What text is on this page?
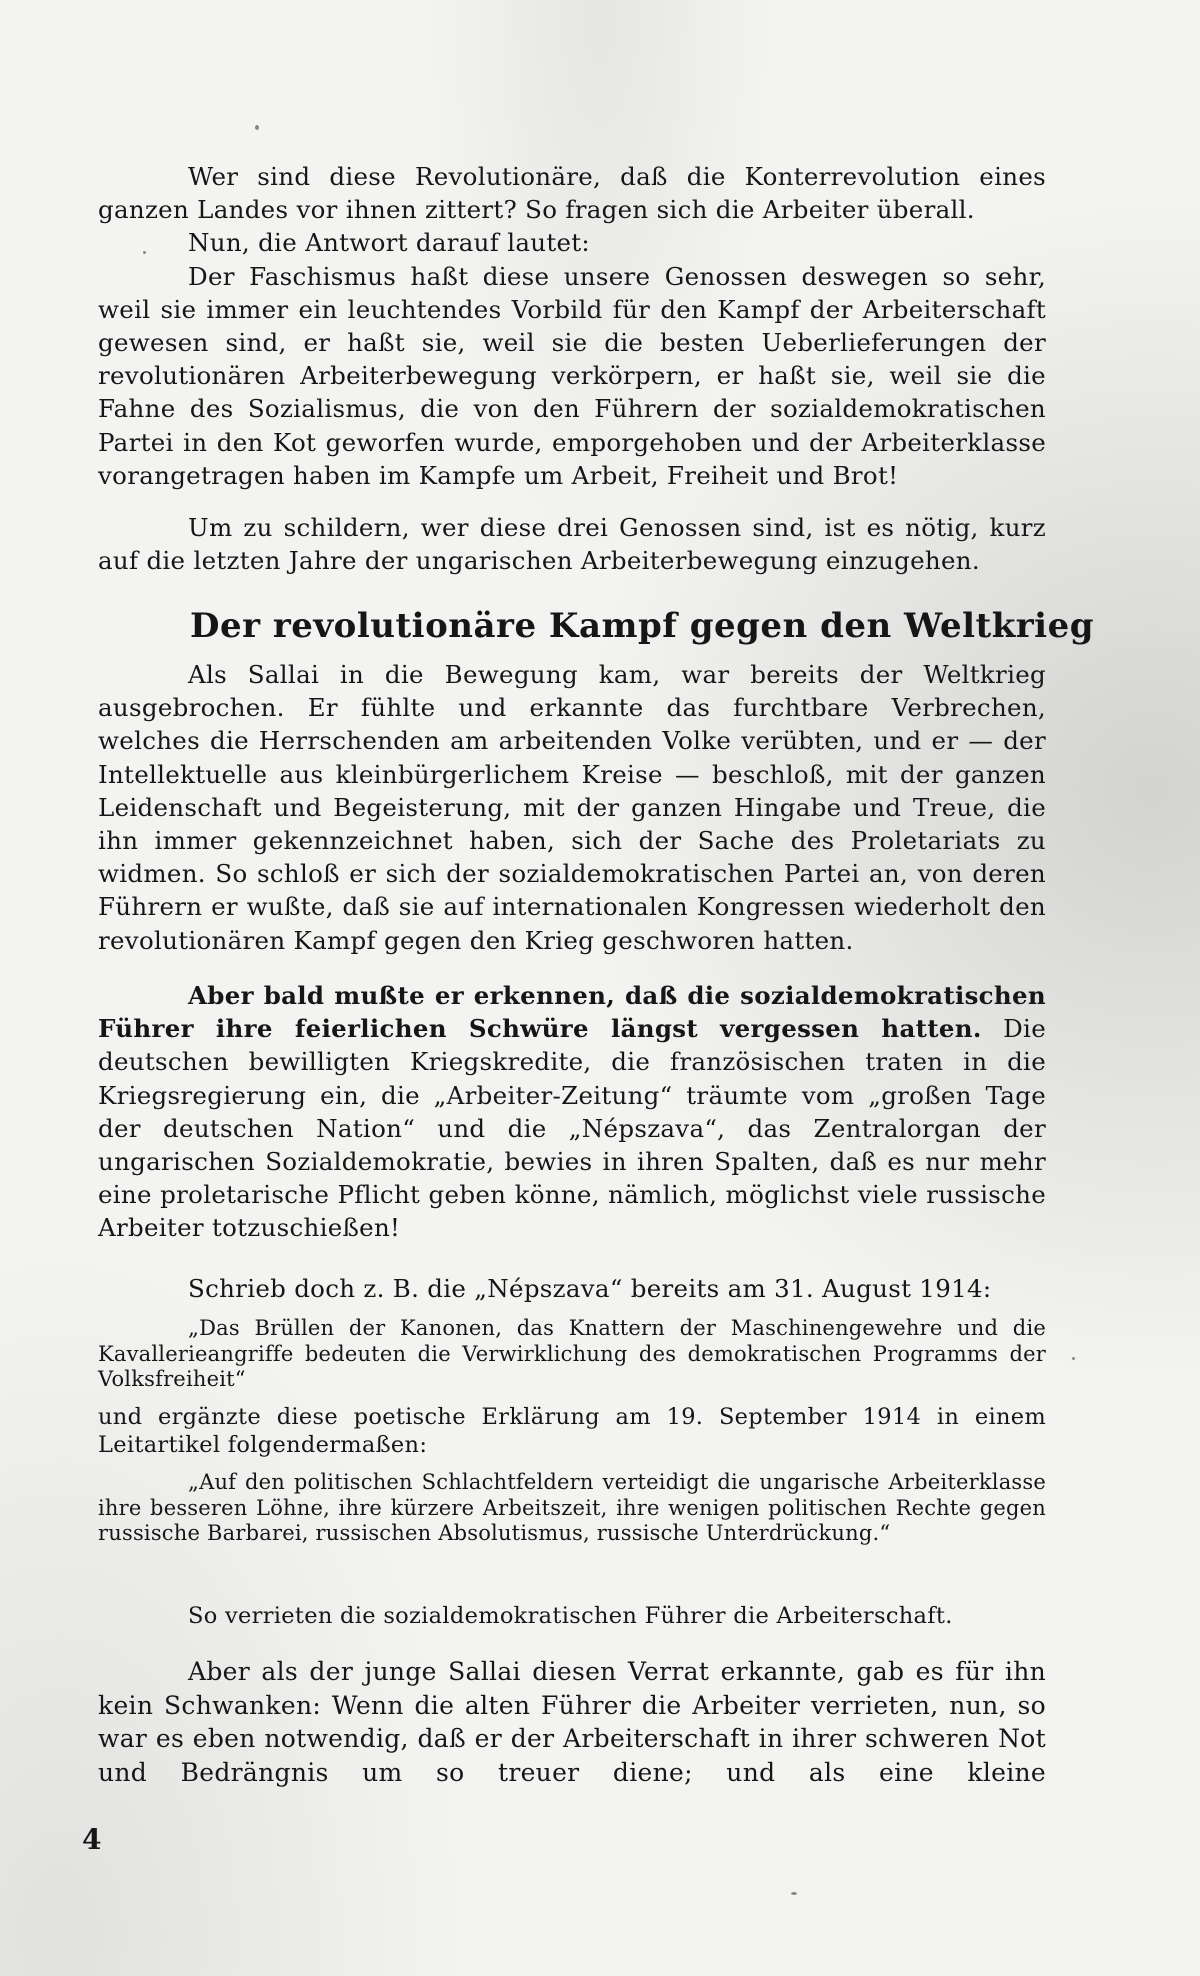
Wer sind diese Revolutionäre, daß die Konterrevolution eines ganzen Landes vor ihnen zittert? So fragen sich die Arbeiter überall.

Nun, die Antwort darauf lautet:

Der Faschismus haßt diese unsere Genossen deswegen so sehr, weil sie immer ein leuchtendes Vorbild für den Kampf der Arbeiterschaft gewesen sind, er haßt sie, weil sie die besten Ueberlieferungen der revolutionären Arbeiterbewegung verkörpern, er haßt sie, weil sie die Fahne des Sozialismus, die von den Führern der sozialdemokratischen Partei in den Kot geworfen wurde, emporgehoben und der Arbeiterklasse vorangetragen haben im Kampfe um Arbeit, Freiheit und Brot!

Um zu schildern, wer diese drei Genossen sind, ist es nötig, kurz auf die letzten Jahre der ungarischen Arbeiterbewegung einzugehen.

Der revolutionäre Kampf gegen den Weltkrieg

Als Sallai in die Bewegung kam, war bereits der Weltkrieg ausgebrochen. Er fühlte und erkannte das furchtbare Verbrechen, welches die Herrschenden am arbeitenden Volke verübten, und er — der Intellektuelle aus kleinbürgerlichem Kreise — beschloß, mit der ganzen Leidenschaft und Begeisterung, mit der ganzen Hingabe und Treue, die ihn immer gekennzeichnet haben, sich der Sache des Proletariats zu widmen. So schloß er sich der sozialdemokratischen Partei an, von deren Führern er wußte, daß sie auf internationalen Kongressen wiederholt den revolutionären Kampf gegen den Krieg geschworen hatten.

Aber bald mußte er erkennen, daß die sozialdemokratischen Führer ihre feierlichen Schwüre längst vergessen hatten. Die deutschen bewilligten Kriegskredite, die französischen traten in die Kriegsregierung ein, die „Arbeiter-Zeitung“ träumte vom „großen Tage der deutschen Nation“ und die „Népszava“, das Zentralorgan der ungarischen Sozialdemokratie, bewies in ihren Spalten, daß es nur mehr eine proletarische Pflicht geben könne, nämlich, möglichst viele russische Arbeiter totzuschießen!

Schrieb doch z. B. die „Népszava“ bereits am 31. August 1914:

„Das Brüllen der Kanonen, das Knattern der Maschinengewehre und die Kavallerieangriffe bedeuten die Verwirklichung des demokratischen Programms der Volksfreiheit“

und ergänzte diese poetische Erklärung am 19. September 1914 in einem Leitartikel folgendermaßen:

„Auf den politischen Schlachtfeldern verteidigt die ungarische Arbeiterklasse ihre besseren Löhne, ihre kürzere Arbeitszeit, ihre wenigen politischen Rechte gegen russische Barbarei, russischen Absolutismus, russische Unterdrückung.“

So verrieten die sozialdemokratischen Führer die Arbeiterschaft.

Aber als der junge Sallai diesen Verrat erkannte, gab es für ihn kein Schwanken: Wenn die alten Führer die Arbeiter verrieten, nun, so war es eben notwendig, daß er der Arbeiterschaft in ihrer schweren Not und Bedrängnis um so treuer diene; und als eine kleine

4
